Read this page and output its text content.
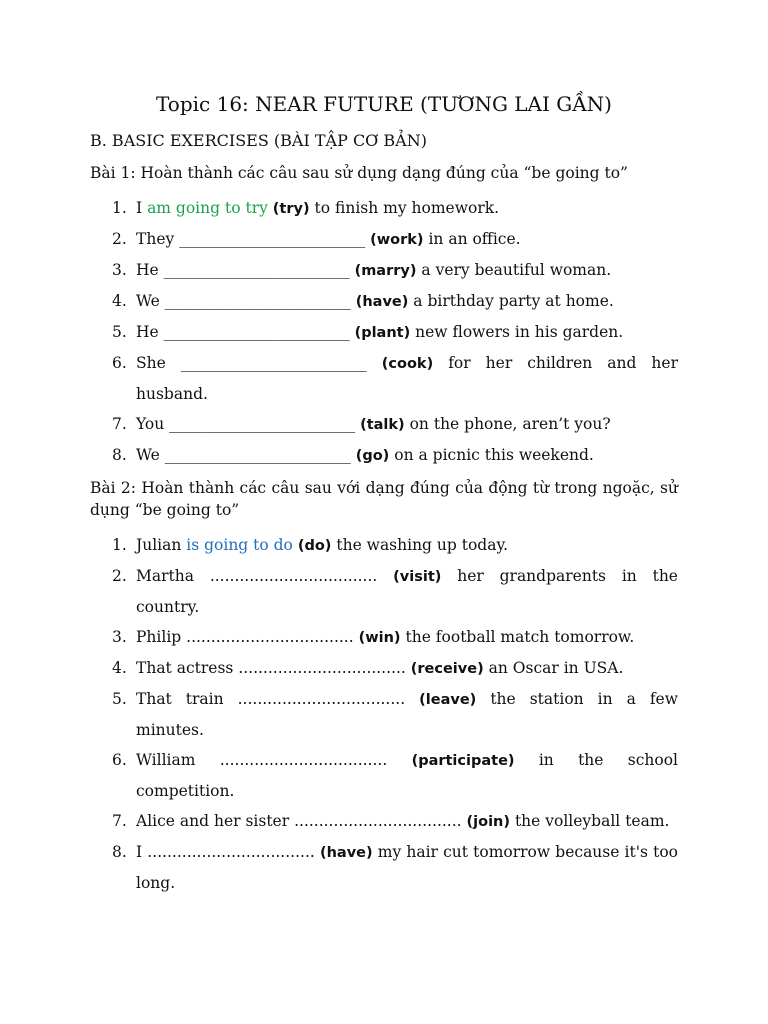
Topic 16: NEAR FUTURE (TƯƠNG LAI GẦN)

B. BASIC EXERCISES (BÀI TẬP CƠ BẢN)

Bài 1: Hoàn thành các câu sau sử dụng dạng đúng của “be going to”

1. I am going to try (try) to finish my homework.
2. They ________________________ (work) in an office.
3. He ________________________ (marry) a very beautiful woman.
4. We ________________________ (have) a birthday party at home.
5. He ________________________ (plant) new flowers in his garden.
6. She ________________________ (cook) for her children and her husband.
7. You ________________________ (talk) on the phone, aren’t you?
8. We ________________________ (go) on a picnic this weekend.

Bài 2: Hoàn thành các câu sau với dạng đúng của động từ trong ngoặc, sử dụng “be going to”

1. Julian is going to do (do) the washing up today.
2. Martha .................................. (visit) her grandparents in the country.
3. Philip .................................. (win) the football match tomorrow.
4. That actress .................................. (receive) an Oscar in USA.
5. That train .................................. (leave) the station in a few minutes.
6. William .................................. (participate) in the school competition.
7. Alice and her sister .................................. (join) the volleyball team.
8. I .................................. (have) my hair cut tomorrow because it's too long.
